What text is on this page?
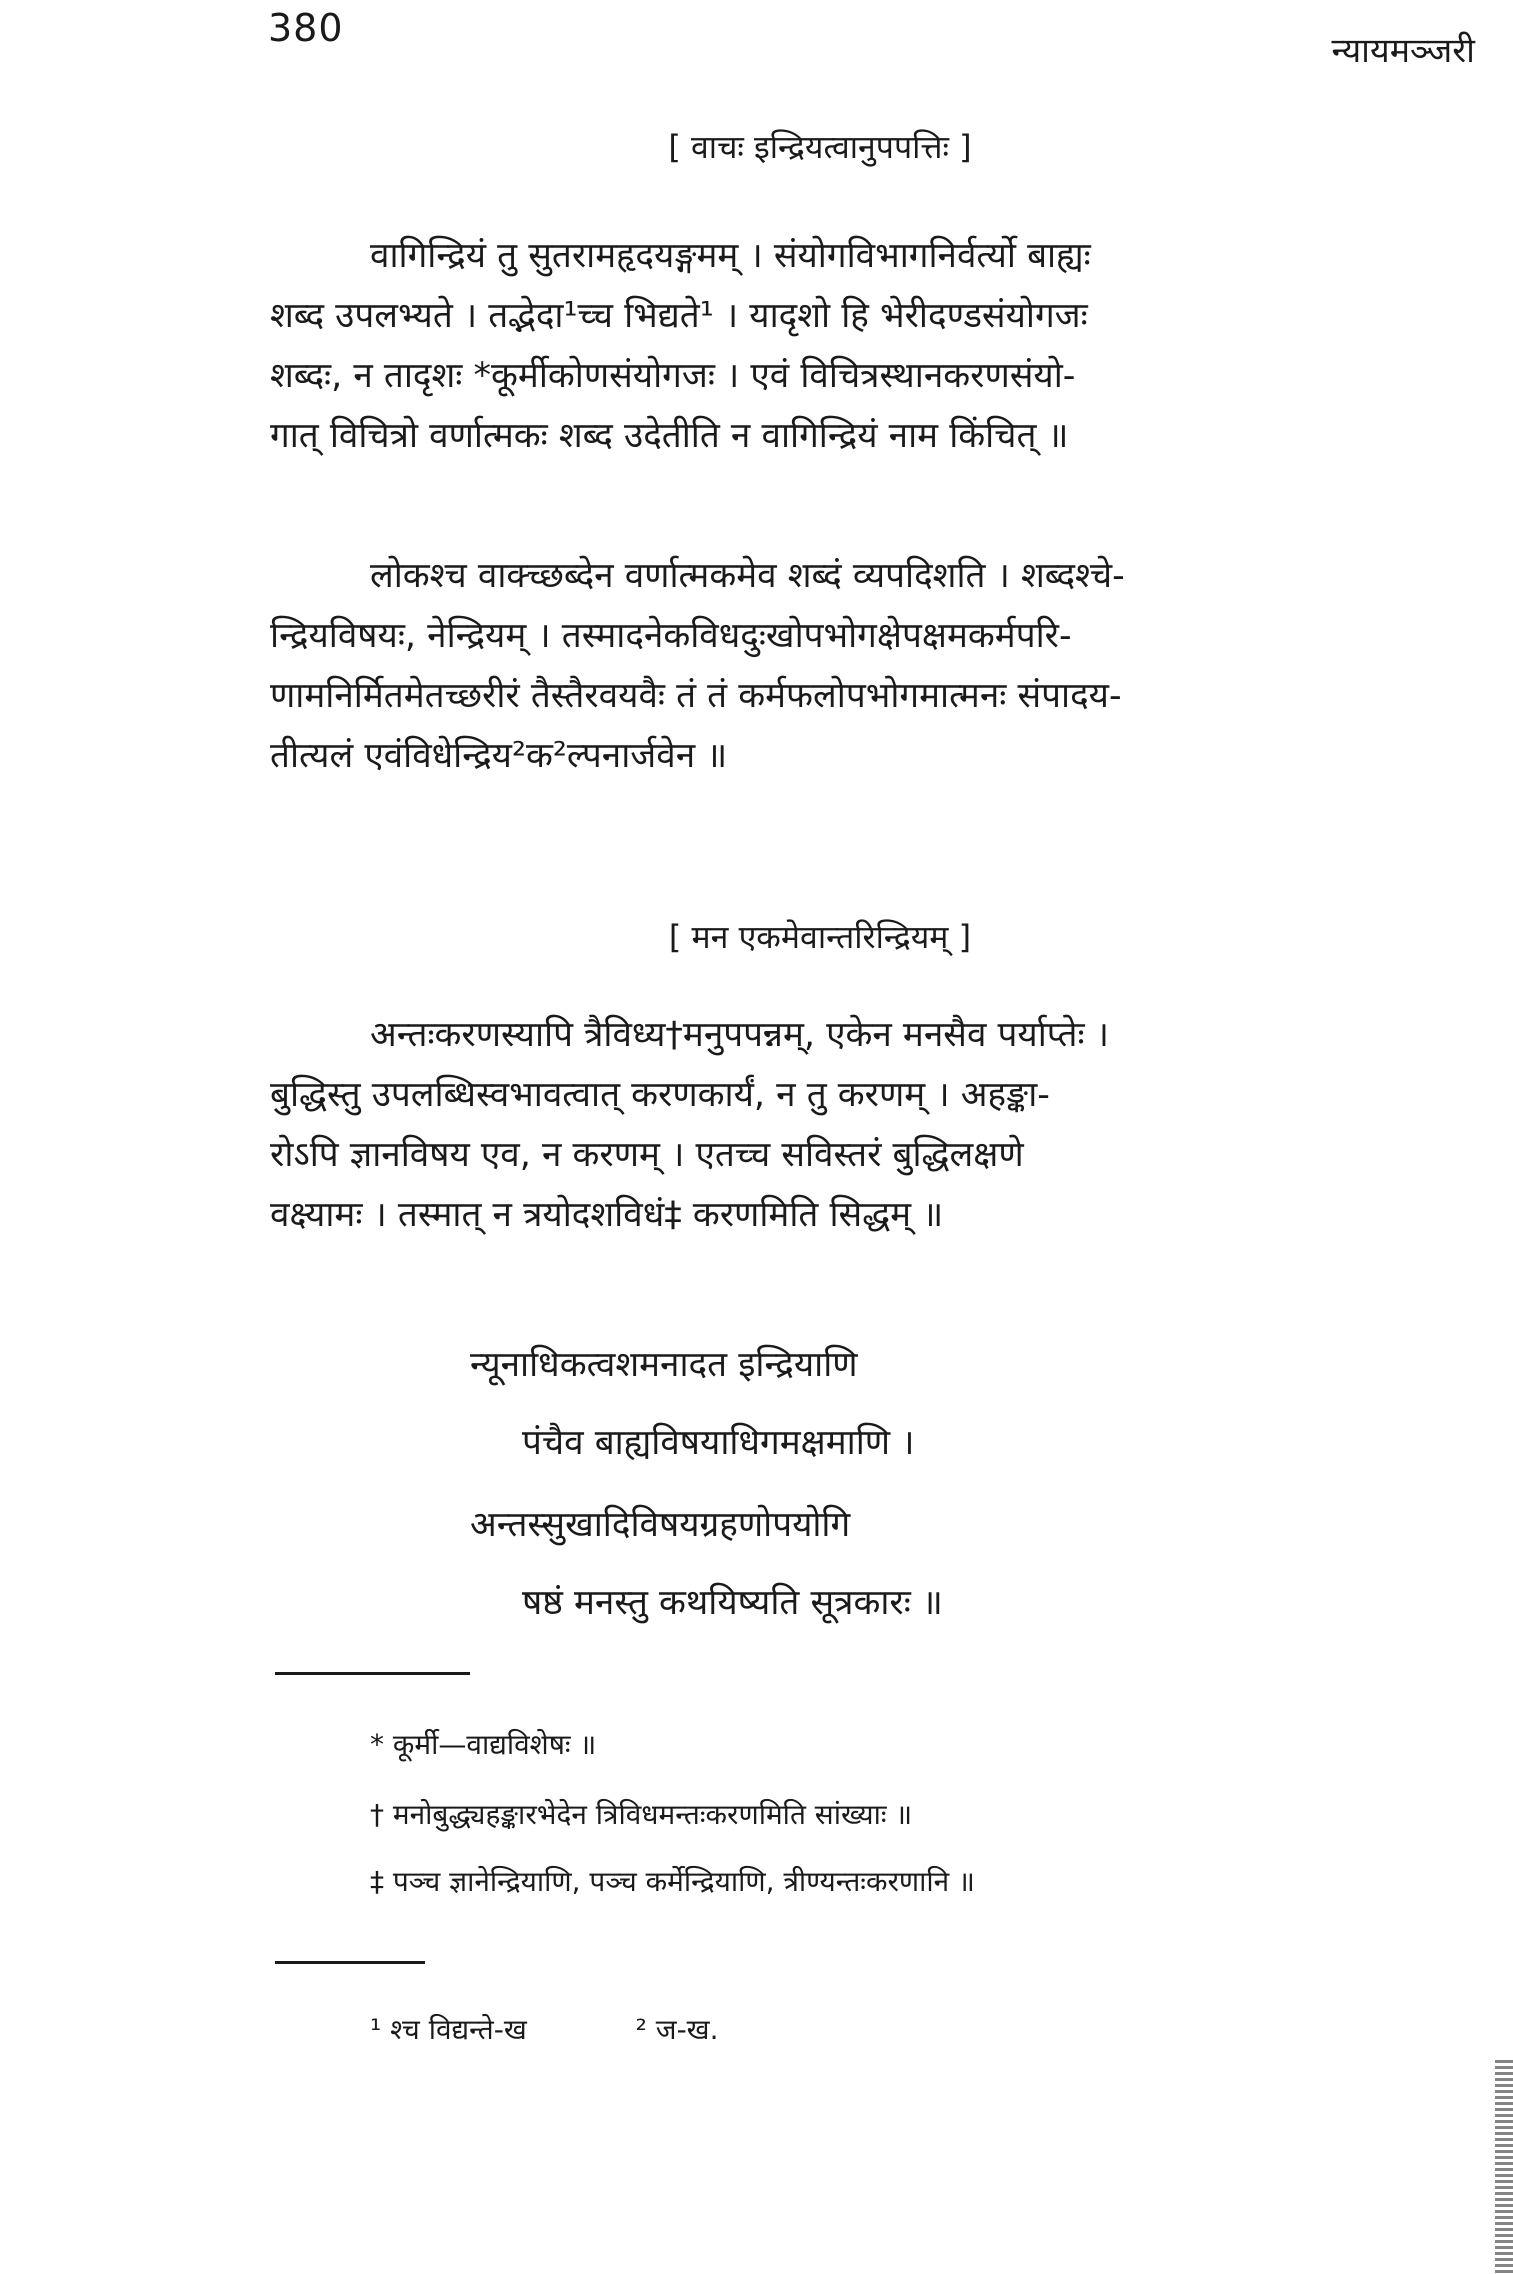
380
न्यायमञ्जरी
[ वाचः इन्द्रियत्वानुपपत्तिः ]
वागिन्द्रियं तु सुतरामहृदयङ्गमम् । संयोगविभागनिर्वर्त्यो बाह्यः
शब्द उपलभ्यते । तद्भेदा¹च्च भिद्यते¹ । यादृशो हि भेरीदण्डसंयोगजः
शब्दः, न तादृशः *कूर्मीकोणसंयोगजः । एवं विचित्रस्थानकरणसंयो-
गात् विचित्रो वर्णात्मकः शब्द उदेतीति न वागिन्द्रियं नाम किंचित् ॥
लोकश्च वाक्च्छब्देन वर्णात्मकमेव शब्दं व्यपदिशति । शब्दश्चे-
न्द्रियविषयः, नेन्द्रियम् । तस्मादनेकविधदुःखोपभोगक्षेपक्षमकर्मपरि-
णामनिर्मितमेतच्छरीरं तैस्तैरवयवैः तं तं कर्मफलोपभोगमात्मनः संपादय-
तीत्यलं एवंविधेन्द्रिय²क²ल्पनार्जवेन ॥
[ मन एकमेवान्तरिन्द्रियम् ]
अन्तःकरणस्यापि त्रैविध्य†मनुपपन्नम्, एकेन मनसैव पर्याप्तेः ।
बुद्धिस्तु उपलब्धिस्वभावत्वात् करणकार्यं, न तु करणम् । अहङ्का-
रोऽपि ज्ञानविषय एव, न करणम् । एतच्च सविस्तरं बुद्धिलक्षणे
वक्ष्यामः । तस्मात् न त्रयोदशविधं‡ करणमिति सिद्धम् ॥
न्यूनाधिकत्वशमनादत इन्द्रियाणि
पंचैव बाह्यविषयाधिगमक्षमाणि ।
अन्तस्सुखादिविषयग्रहणोपयोगि
षष्ठं मनस्तु कथयिष्यति सूत्रकारः ॥
* कूर्मी—वाद्यविशेषः ॥
† मनोबुद्ध्यहङ्कारभेदेन त्रिविधमन्तःकरणमिति सांख्याः ॥
‡ पञ्च ज्ञानेन्द्रियाणि, पञ्च कर्मेन्द्रियाणि, त्रीण्यन्तःकरणानि ॥
¹ श्च विद्यन्ते-ख	² ज-ख.
